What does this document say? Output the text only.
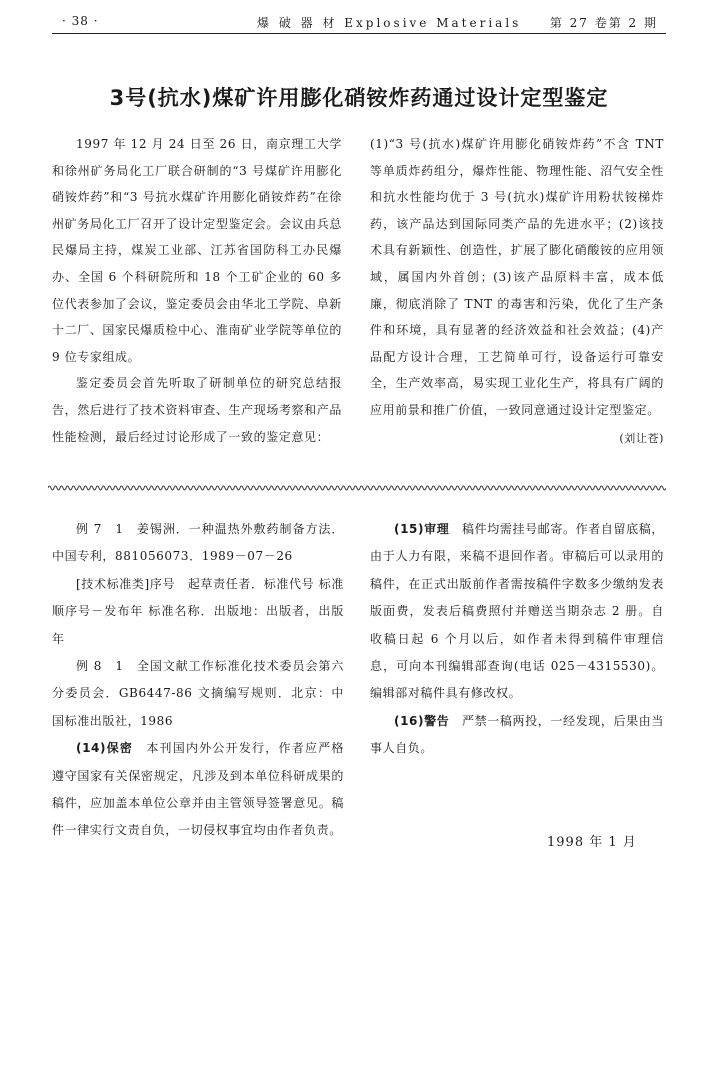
· 38 ·	爆 破 器 材 Explosive Materials 第 27 卷第 2 期
3号(抗水)煤矿许用膨化硝铵炸药通过设计定型鉴定

1997 年 12 月 24 日至 26 日，南京理工大学和徐州矿务局化工厂联合研制的“3 号煤矿许用膨化硝铵炸药”和“3 号抗水煤矿许用膨化硝铵炸药”在徐州矿务局化工厂召开了设计定型鉴定会。会议由兵总民爆局主持，煤炭工业部、江苏省国防科工办民爆办、全国 6 个科研院所和 18 个工矿企业的 60 多位代表参加了会议，鉴定委员会由华北工学院、阜新十二厂、国家民爆质检中心、淮南矿业学院等单位的 9 位专家组成。

鉴定委员会首先听取了研制单位的研究总结报告，然后进行了技术资料审查、生产现场考察和产品性能检测，最后经过讨论形成了一致的鉴定意见：

(1)“3 号(抗水)煤矿许用膨化硝铵炸药”不含 TNT 等单质炸药组分，爆炸性能、物理性能、沼气安全性和抗水性能均优于 3 号(抗水)煤矿许用粉状铵梯炸药，该产品达到国际同类产品的先进水平；(2)该技术具有新颖性、创造性，扩展了膨化硝酸铵的应用领域，属国内外首创；(3)该产品原料丰富，成本低廉，彻底消除了 TNT 的毒害和污染，优化了生产条件和环境，具有显著的经济效益和社会效益；(4)产品配方设计合理，工艺简单可行，设备运行可靠安全，生产效率高，易实现工业化生产，将具有广阔的应用前景和推广价值，一致同意通过设计定型鉴定。

(刘让苍)

例 7　1　姜锡洲．一种温热外敷药制备方法．中国专利，881056073．1989－07－26

[技术标准类]序号　起草责任者．标准代号 标准顺序号－发布年 标准名称．出版地：出版者，出版年

例 8　1　全国文献工作标准化技术委员会第六分委员会．GB6447-86 文摘编写规则．北京：中国标准出版社，1986

(14)保密　本刊国内外公开发行，作者应严格遵守国家有关保密规定，凡涉及到本单位科研成果的稿件，应加盖本单位公章并由主管领导签署意见。稿件一律实行文责自负，一切侵权事宜均由作者负责。

(15)审理　稿件均需挂号邮寄。作者自留底稿，由于人力有限，来稿不退回作者。审稿后可以录用的稿件，在正式出版前作者需按稿件字数多少缴纳发表版面费，发表后稿费照付并赠送当期杂志 2 册。自收稿日起 6 个月以后，如作者未得到稿件审理信息，可向本刊编辑部查询(电话 025－4315530)。编辑部对稿件具有修改权。

(16)警告　严禁一稿两投，一经发现，后果由当事人自负。

1998 年 1 月
